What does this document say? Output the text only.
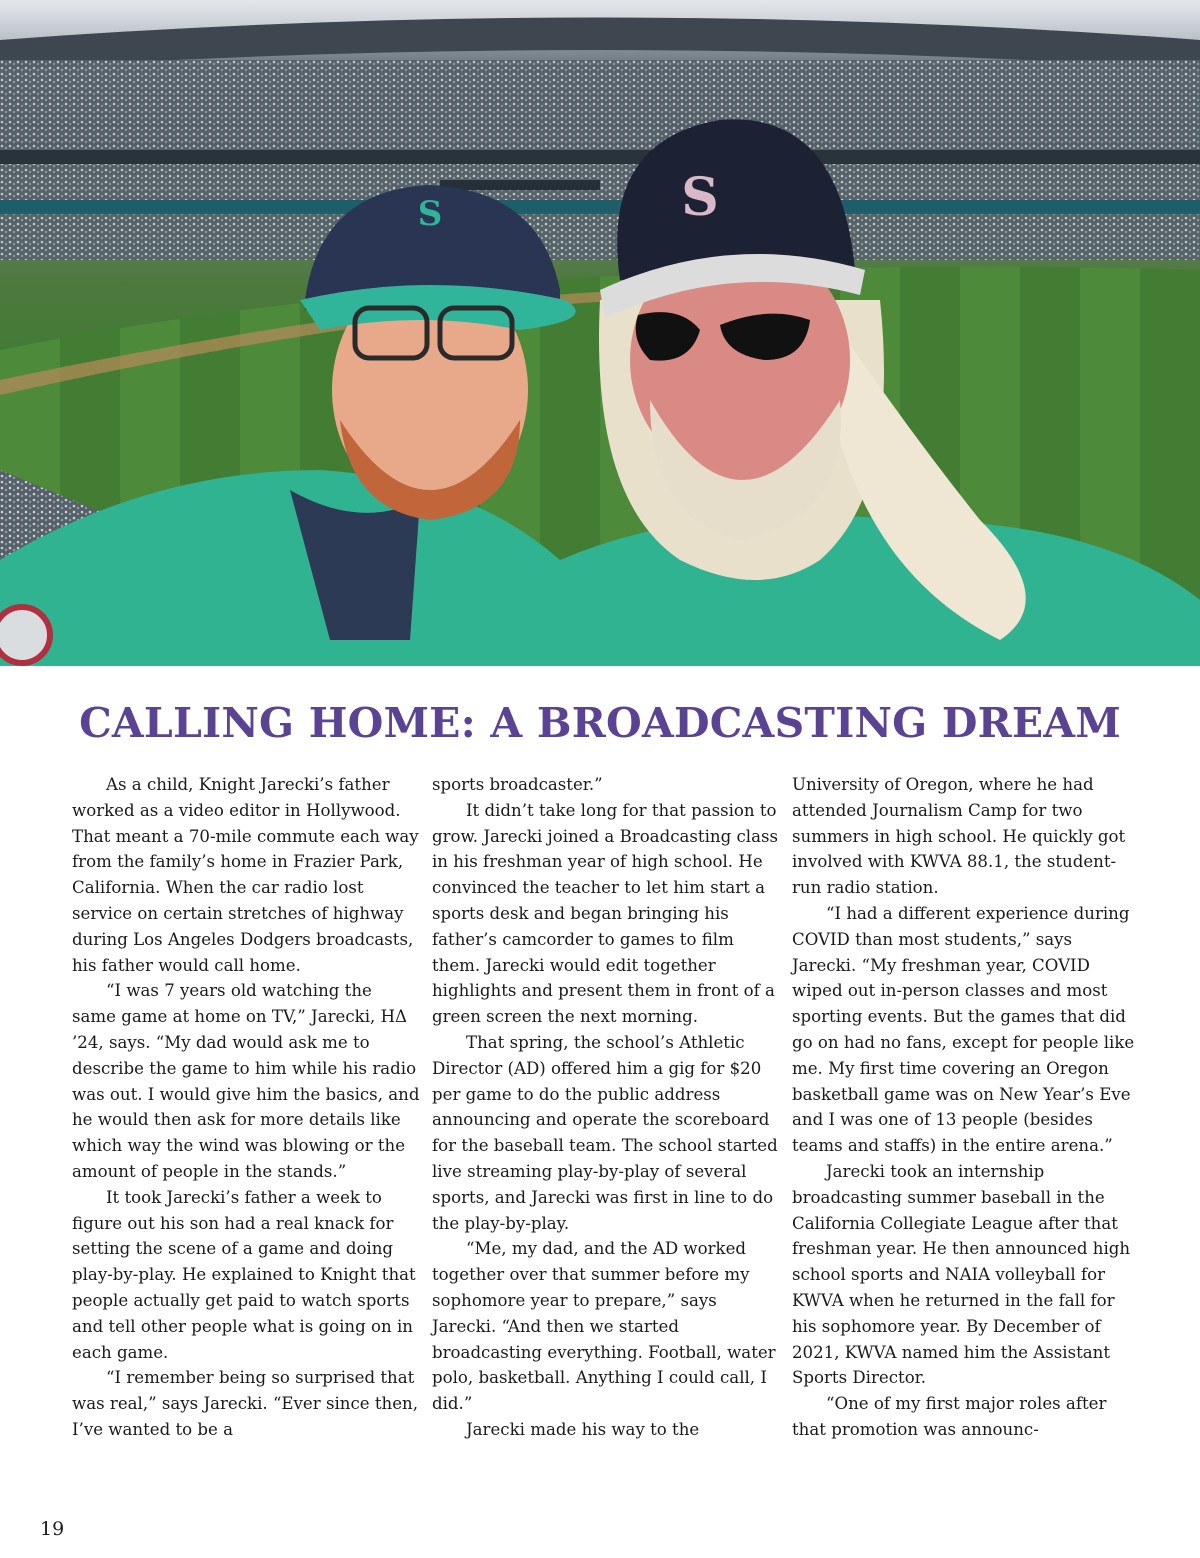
S	S
CALLING HOME: A BROADCASTING DREAM

As a child, Knight Jarecki’s father worked as a video editor in Hollywood. That meant a 70-mile commute each way from the family’s home in Frazier Park, California. When the car radio lost service on certain stretches of highway during Los Angeles Dodgers broadcasts, his father would call home.

“I was 7 years old watching the same game at home on TV,” Jarecki, HΔ ’24, says. “My dad would ask me to describe the game to him while his radio was out. I would give him the basics, and he would then ask for more details like which way the wind was blowing or the amount of people in the stands.”

It took Jarecki’s father a week to figure out his son had a real knack for setting the scene of a game and doing play-by-play. He explained to Knight that people actually get paid to watch sports and tell other people what is going on in each game.

“I remember being so surprised that was real,” says Jarecki. “Ever since then, I’ve wanted to be a

sports broadcaster.”

It didn’t take long for that passion to grow. Jarecki joined a Broadcasting class in his freshman year of high school. He convinced the teacher to let him start a sports desk and began bringing his father’s camcorder to games to film them. Jarecki would edit together highlights and present them in front of a green screen the next morning.

That spring, the school’s Athletic Director (AD) offered him a gig for $20 per game to do the public address announcing and operate the scoreboard for the baseball team. The school started live streaming play-by-play of several sports, and Jarecki was first in line to do the play-by-play.

“Me, my dad, and the AD worked together over that summer before my sophomore year to prepare,” says Jarecki. “And then we started broadcasting everything. Football, water polo, basketball. Anything I could call, I did.”

Jarecki made his way to the

University of Oregon, where he had attended Journalism Camp for two summers in high school. He quickly got involved with KWVA 88.1, the student-run radio station.

“I had a different experience during COVID than most students,” says Jarecki. “My freshman year, COVID wiped out in-person classes and most sporting events. But the games that did go on had no fans, except for people like me. My first time covering an Oregon basketball game was on New Year’s Eve and I was one of 13 people (besides teams and staffs) in the entire arena.”

Jarecki took an internship broadcasting summer baseball in the California Collegiate League after that freshman year. He then announced high school sports and NAIA volleyball for KWVA when he returned in the fall for his sophomore year. By December of 2021, KWVA named him the Assistant Sports Director.

“One of my first major roles after that promotion was announc-

19
